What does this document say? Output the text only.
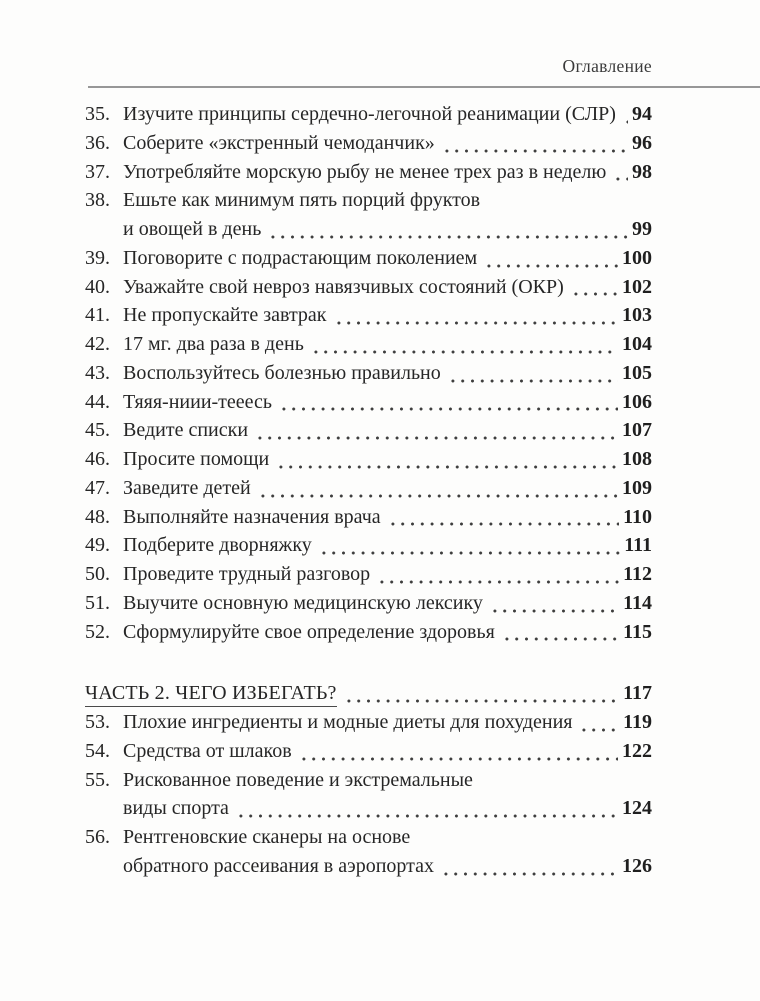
Оглавление
35. Изучите принципы сердечно-легочной реанимации (СЛР) 94
36. Соберите «экстренный чемоданчик»	96
37. Употребляйте морскую рыбу не менее трех раз в неделю 98
38. Ешьте как минимум пять порций фруктов
и овощей в день	99
39. Поговорите с подрастающим поколением	100
40. Уважайте свой невроз навязчивых состояний (ОКР)	102
41. Не пропускайте завтрак	103
42. 17 мг. два раза в день	104
43. Воспользуйтесь болезнью правильно	105
44. Тяяя-ниии-тееесь	106
45. Ведите списки	107
46. Просите помощи	108
47. Заведите детей	109
48. Выполняйте назначения врача	110
49. Подберите дворняжку	111
50. Проведите трудный разговор	112
51. Выучите основную медицинскую лексику	114
52. Сформулируйте свое определение здоровья	115
ЧАСТЬ 2. ЧЕГО ИЗБЕГАТЬ?	117
53. Плохие ингредиенты и модные диеты для похудения	119
54. Средства от шлаков	122
55. Рискованное поведение и экстремальные
виды спорта	124
56. Рентгеновские сканеры на основе
обратного рассеивания в аэропортах	126
